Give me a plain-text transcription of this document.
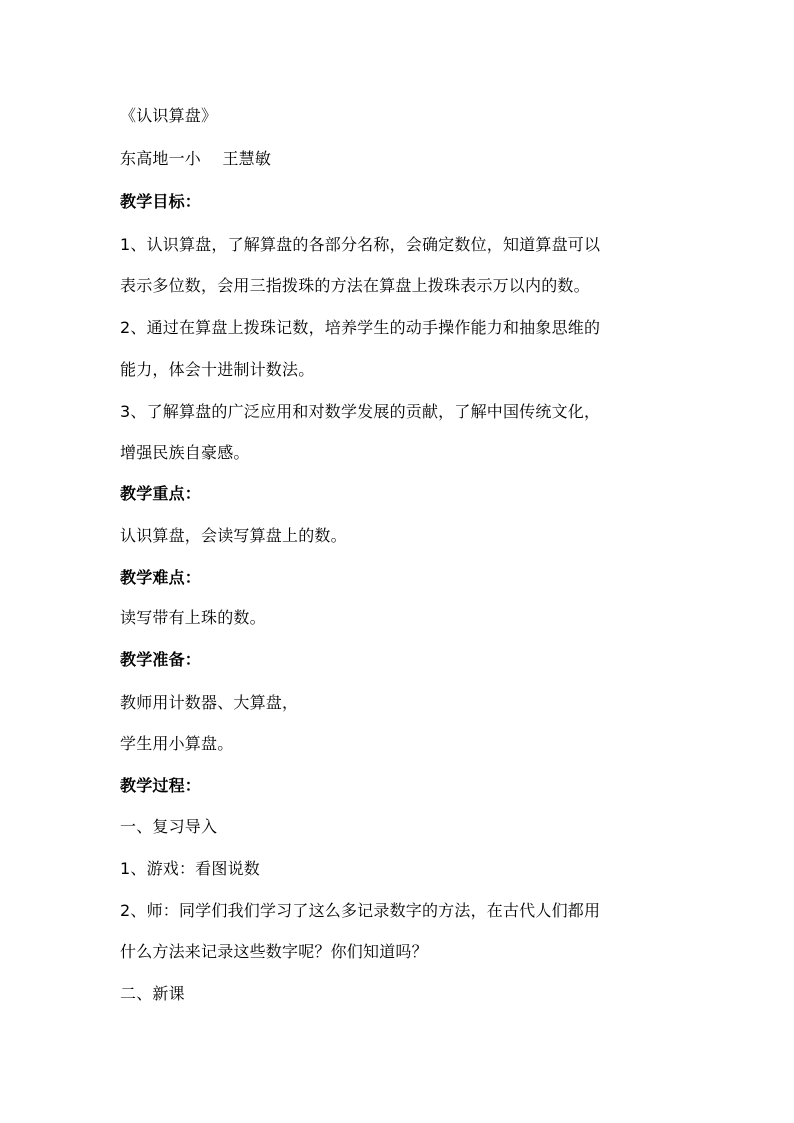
《认识算盘》
东高地一小　 王慧敏
教学目标：
1、认识算盘，了解算盘的各部分名称，会确定数位，知道算盘可以
表示多位数，会用三指拨珠的方法在算盘上拨珠表示万以内的数。
2、通过在算盘上拨珠记数，培养学生的动手操作能力和抽象思维的
能力，体会十进制计数法。
3、了解算盘的广泛应用和对数学发展的贡献，了解中国传统文化，
增强民族自豪感。
教学重点：
认识算盘，会读写算盘上的数。
教学难点：
读写带有上珠的数。
教学准备：
教师用计数器、大算盘，
学生用小算盘。
教学过程：
一、复习导入
1、游戏：看图说数
2、师：同学们我们学习了这么多记录数字的方法，在古代人们都用
什么方法来记录这些数字呢？你们知道吗？
二、新课
